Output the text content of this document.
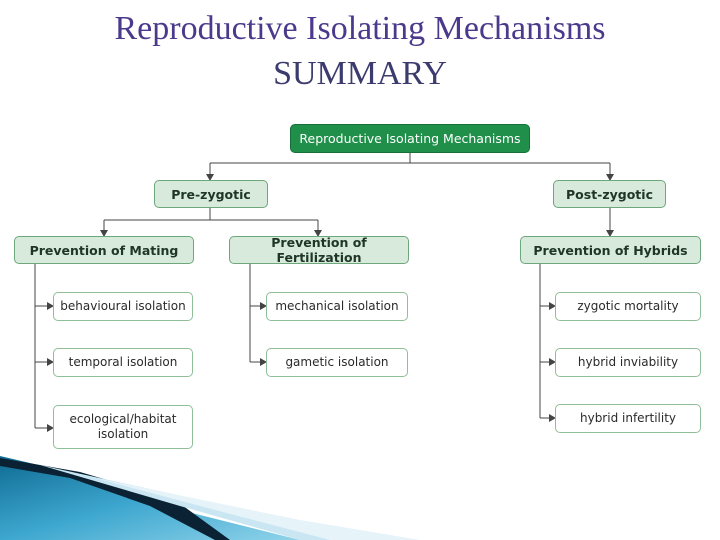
Reproductive Isolating Mechanisms
SUMMARY
Reproductive Isolating Mechanisms
Pre-zygotic	Post-zygotic
Prevention of Mating	Prevention of Fertilization	Prevention of Hybrids
behavioural isolation
temporal isolation
ecological/habitat isolation
mechanical isolation
gametic isolation
zygotic mortality
hybrid inviability
hybrid infertility
